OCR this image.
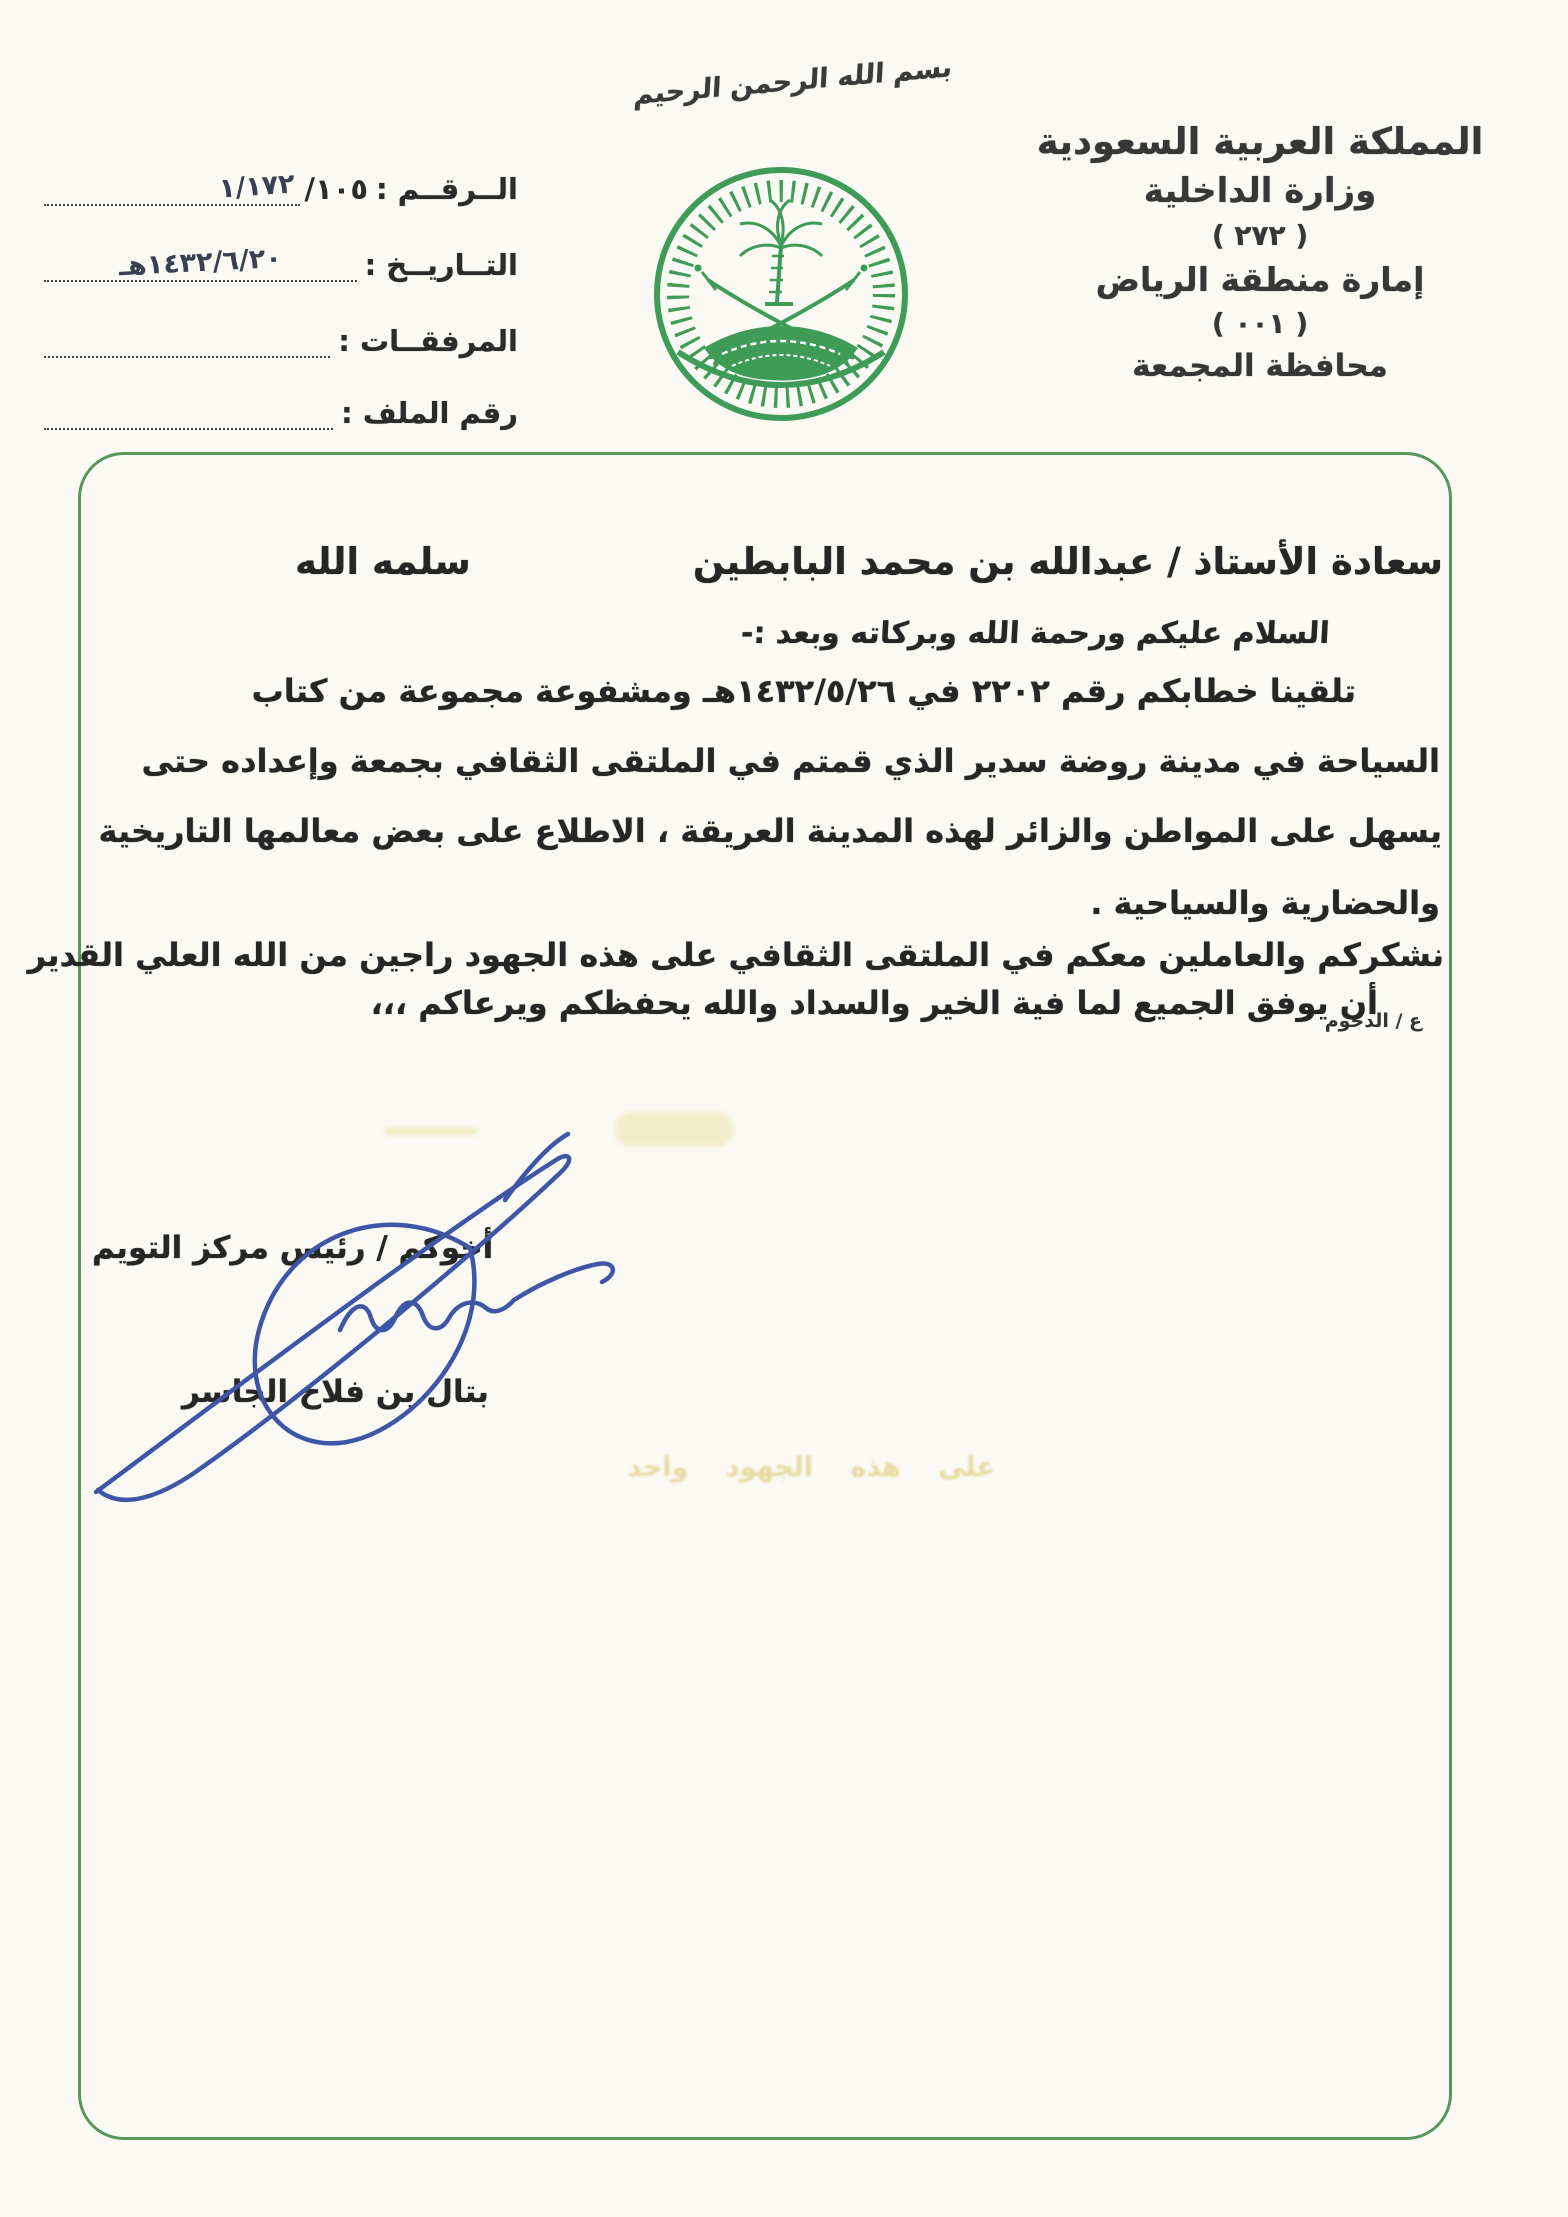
بسم الله الرحمن الرحيم
المملكة العربية السعودية
وزارة الداخلية
( ٢٧٢ )
إمارة منطقة الرياض
( ٠٠١ )
محافظة المجمعة
الــرقــم :
١٠٥/
١/١٧٢
التــاريــخ :
١٤٣٢/٦/٢٠هـ
المرفقــات :
رقم الملف :
سعادة الأستاذ / عبدالله بن محمد البابطين
سلمه الله
السلام عليكم ورحمة الله وبركاته وبعد :-
تلقينا خطابكم رقم ٢٢٠٢ في ١٤٣٢/٥/٢٦هـ ومشفوعة مجموعة من كتاب
السياحة في مدينة روضة سدير الذي قمتم في الملتقى الثقافي بجمعة وإعداده حتى
يسهل على المواطن والزائر لهذه المدينة العريقة ، الاطلاع على بعض معالمها التاريخية
والحضارية والسياحية .
نشكركم والعاملين معكم في الملتقى الثقافي على هذه الجهود راجين من الله العلي القدير
أن يوفق الجميع لما فية الخير والسداد والله يحفظكم ويرعاكم ،،،
ع / الدحوم
أخوكم / رئيس مركز التويم
بتال بن فلاح الجاسر
على هذه الجهود واحد
